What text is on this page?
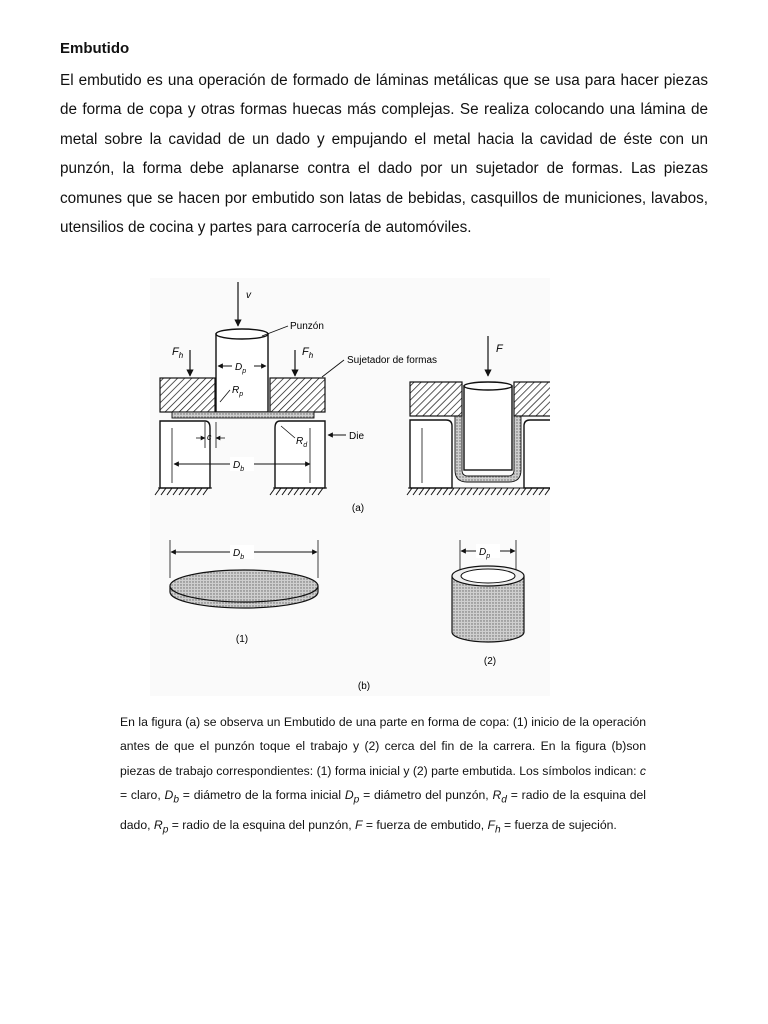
Embutido
El embutido es una operación de formado de láminas metálicas que se usa para hacer piezas de forma de copa y otras formas huecas más complejas. Se realiza colocando una lámina de metal sobre la cavidad de un dado y empujando el metal hacia la cavidad de éste con un punzón, la forma debe aplanarse contra el dado por un sujetador de formas. Las piezas comunes que se hacen por embutido son latas de bebidas, casquillos de municiones, lavabos, utensilios de cocina y partes para carrocería de automóviles.
v
$F_h$	$F_h$
$D_p$
$R_p$
c	$R_d$
Die
$D_b$
Punzón
Sujetador de formas
F
(a)
$D_b$
(1)
$D_p$
(2)
(b)
En la figura (a) se observa un Embutido de una parte en forma de copa: (1) inicio de la operación antes de que el punzón toque el trabajo y (2) cerca del fin de la carrera. En la figura (b)son piezas de trabajo correspondientes: (1) forma inicial y (2) parte embutida. Los símbolos indican: c = claro, $D_b$ = diámetro de la forma inicial $D_p$ = diámetro del punzón, $R_d$ = radio de la esquina del dado, $R_p$ = radio de la esquina del punzón, F = fuerza de embutido, $F_h$ = fuerza de sujeción.
